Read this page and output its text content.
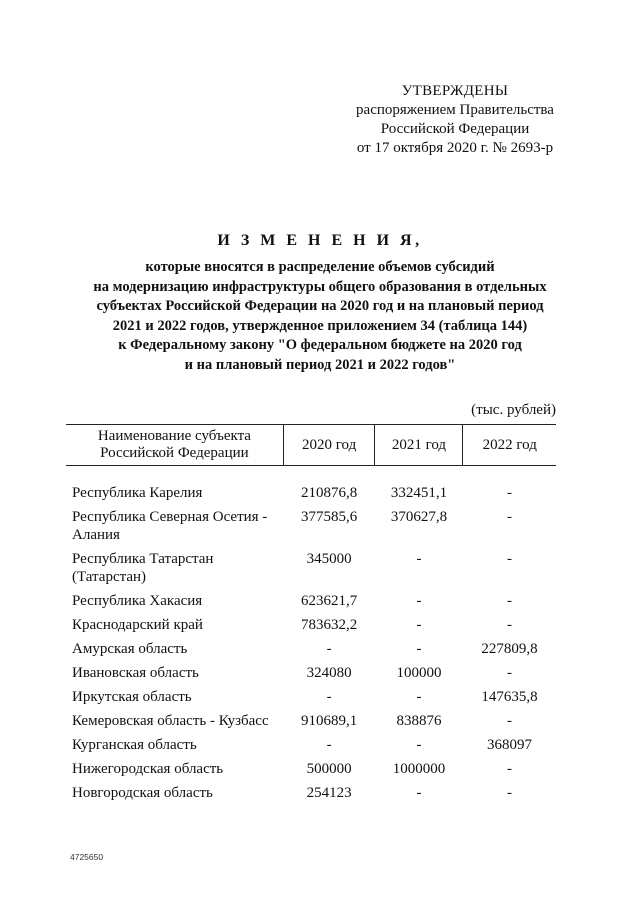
УТВЕРЖДЕНЫ
распоряжением Правительства
Российской Федерации
от 17 октября 2020 г. № 2693-р
И З М Е Н Е Н И Я,
которые вносятся в распределение объемов субсидий
на модернизацию инфраструктуры общего образования в отдельных
субъектах Российской Федерации на 2020 год и на плановый период
2021 и 2022 годов, утвержденное приложением 34 (таблица 144)
к Федеральному закону "О федеральном бюджете на 2020 год
и на плановый период 2021 и 2022 годов"
(тыс. рублей)
Наименование субъекта Российской Федерации	2020 год	2021 год	2022 год

Республика Карелия	210876,8	332451,1	-
Республика Северная Осетия - Алания	377585,6	370627,8	-
Республика Татарстан (Татарстан)	345000	-	-
Республика Хакасия	623621,7	-	-
Краснодарский край	783632,2	-	-
Амурская область	-	-	227809,8
Ивановская область	324080	100000	-
Иркутская область	-	-	147635,8
Кемеровская область - Кузбасс	910689,1	838876	-
Курганская область	-	-	368097
Нижегородская область	500000	1000000	-
Новгородская область	254123	-	-
4725650
